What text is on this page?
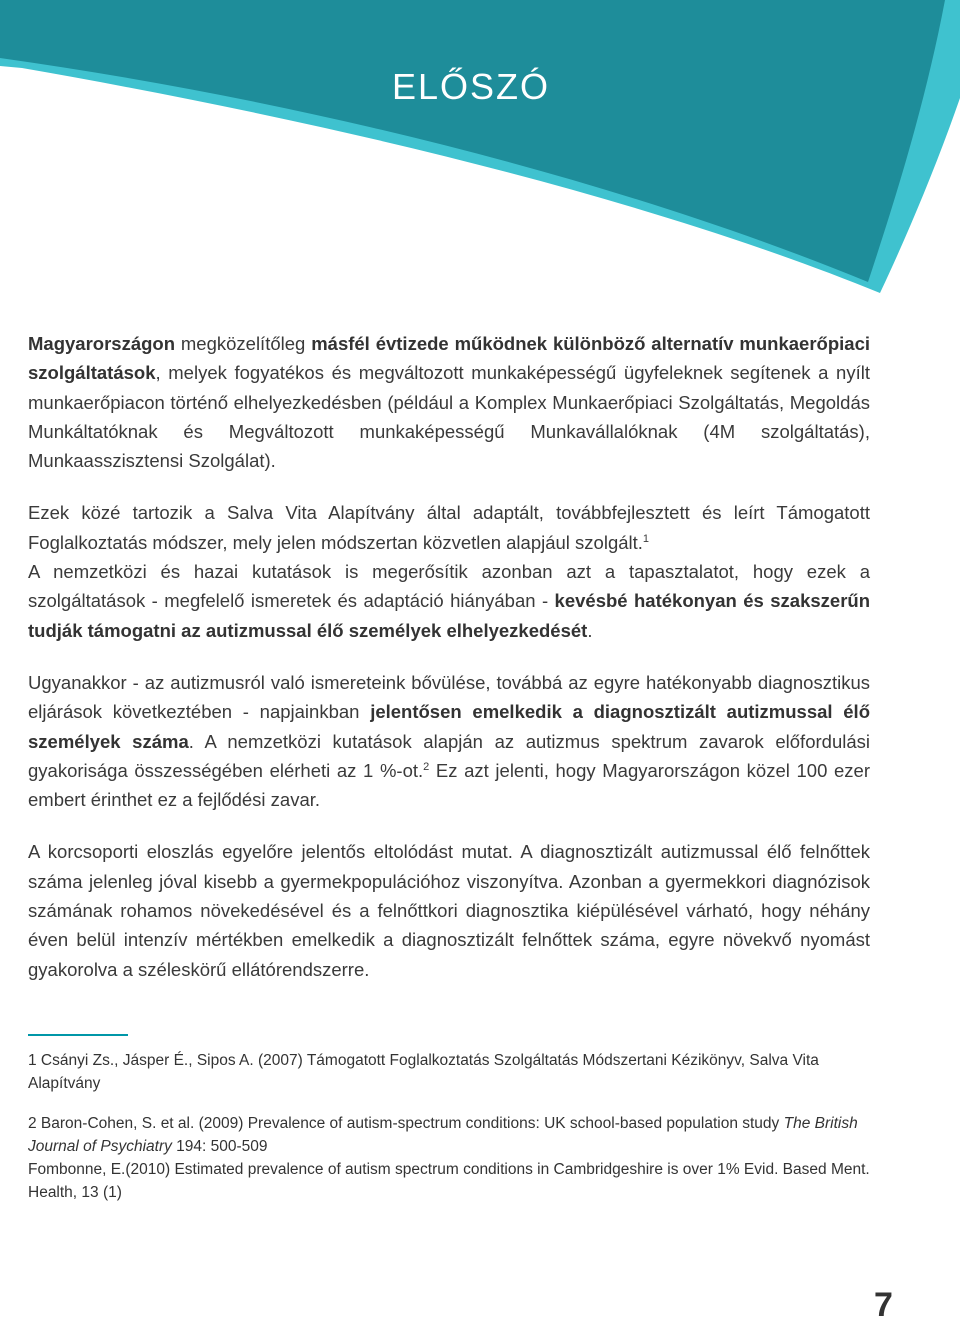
ELŐSZÓ

Magyarországon megközelítőleg másfél évtizede működnek különböző alternatív munkaerőpiaci szolgáltatások, melyek fogyatékos és megváltozott munkaképességű ügyfeleknek segítenek a nyílt munkaerőpiacon történő elhelyezkedésben (például a Komplex Munkaerőpiaci Szolgáltatás, Megoldás Munkáltatóknak és Megváltozott munkaképességű Munkavállalóknak (4M szolgáltatás), Munkaasszisztensi Szolgálat).

Ezek közé tartozik a Salva Vita Alapítvány által adaptált, továbbfejlesztett és leírt Támogatott Foglalkoztatás módszer, mely jelen módszertan közvetlen alapjául szolgált.$^1$

A nemzetközi és hazai kutatások is megerősítik azonban azt a tapasztalatot, hogy ezek a szolgáltatások - megfelelő ismeretek és adaptáció hiányában - kevésbé hatékonyan és szakszerűn tudják támogatni az autizmussal élő személyek elhelyezkedését.

Ugyanakkor - az autizmusról való ismereteink bővülése, továbbá az egyre hatékonyabb diagnosztikus eljárások következtében - napjainkban jelentősen emelkedik a diagnosztizált autizmussal élő személyek száma. A nemzetközi kutatások alapján az autizmus spektrum zavarok előfordulási gyakorisága összességében elérheti az 1 %-ot.$^2$ Ez azt jelenti, hogy Magyarországon közel 100 ezer embert érinthet ez a fejlődési zavar.

A korcsoporti eloszlás egyelőre jelentős eltolódást mutat. A diagnosztizált autizmussal élő felnőttek száma jelenleg jóval kisebb a gyermekpopulációhoz viszonyítva. Azonban a gyermekkori diagnózisok számának rohamos növekedésével és a felnőttkori diagnosztika kiépülésével várható, hogy néhány éven belül intenzív mértékben emelkedik a diagnosztizált felnőttek száma, egyre növekvő nyomást gyakorolva a széleskörű ellátórendszerre.

1 Csányi Zs., Jásper É., Sipos A. (2007) Támogatott Foglalkoztatás Szolgáltatás Módszertani Kézikönyv, Salva Vita Alapítvány

2 Baron-Cohen, S. et al. (2009) Prevalence of autism-spectrum conditions: UK school-based population study The British Journal of Psychiatry 194: 500-509

Fombonne, E.(2010) Estimated prevalence of autism spectrum conditions in Cambridgeshire is over 1% Evid. Based Ment. Health, 13 (1)

7
